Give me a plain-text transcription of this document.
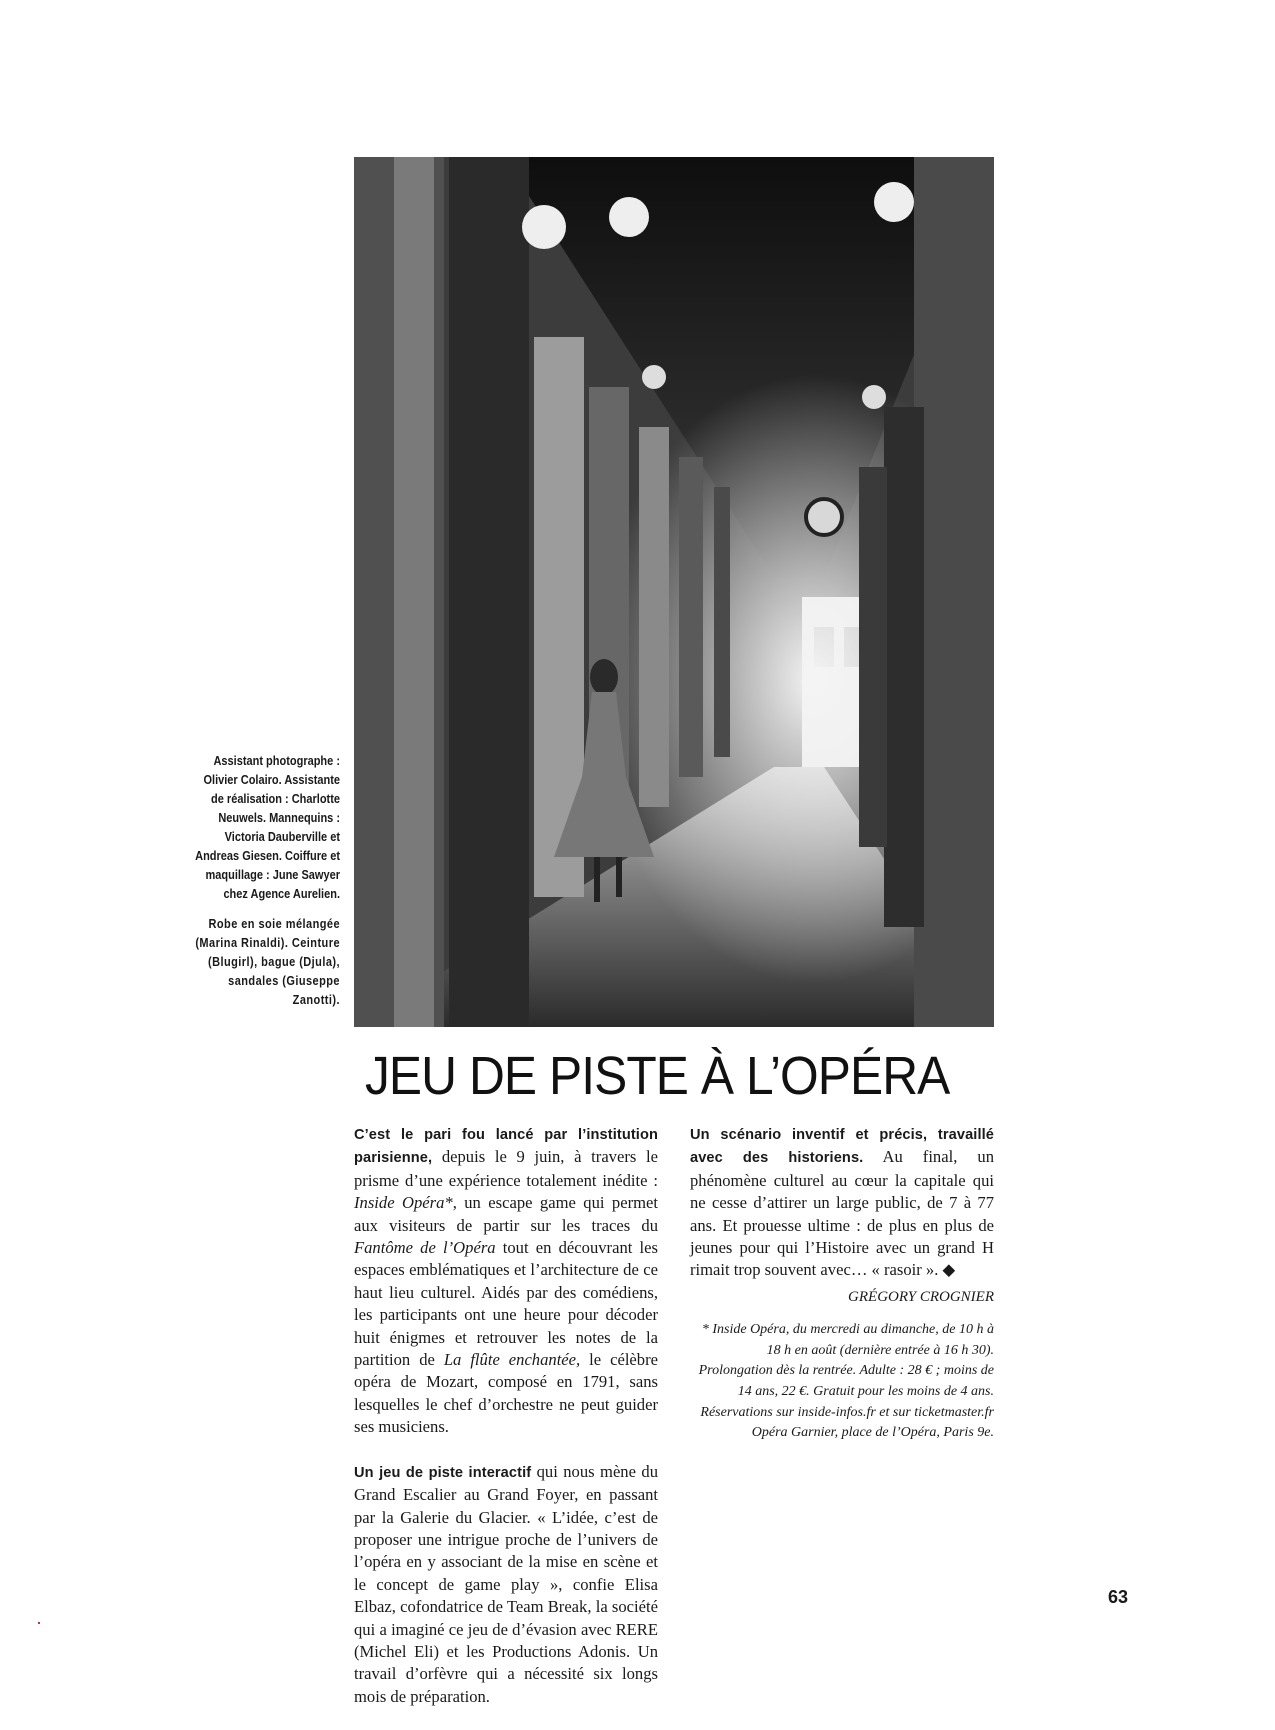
Assistant photographe : Olivier Colairo. Assistante de réalisation : Charlotte Neuwels. Mannequins : Victoria Dauberville et Andreas Giesen. Coiffure et maquillage : June Sawyer chez Agence Aurelien.

Robe en soie mélangée (Marina Rinaldi). Ceinture (Blugirl), bague (Djula), sandales (Giuseppe Zanotti).

JEU DE PISTE À L’OPÉRA

C’est le pari fou lancé par l’institution parisienne, depuis le 9 juin, à travers le prisme d’une expérience totalement inédite : Inside Opéra*, un escape game qui permet aux visiteurs de partir sur les traces du Fantôme de l’Opéra tout en découvrant les espaces emblématiques et l’architecture de ce haut lieu culturel. Aidés par des comédiens, les participants ont une heure pour décoder huit énigmes et retrouver les notes de la partition de La flûte enchantée, le célèbre opéra de Mozart, composé en 1791, sans lesquelles le chef d’orchestre ne peut guider ses musiciens.

Un jeu de piste interactif qui nous mène du Grand Escalier au Grand Foyer, en passant par la Galerie du Glacier. « L’idée, c’est de proposer une intrigue proche de l’univers de l’opéra en y associant de la mise en scène et le concept de game play », confie Elisa Elbaz, cofondatrice de Team Break, la société qui a imaginé ce jeu de d’évasion avec RERE (Michel Eli) et les Productions Adonis. Un travail d’orfèvre qui a nécessité six longs mois de préparation.

Un scénario inventif et précis, travaillé avec des historiens. Au final, un phénomène culturel au cœur la capitale qui ne cesse d’attirer un large public, de 7 à 77 ans. Et prouesse ultime : de plus en plus de jeunes pour qui l’Histoire avec un grand H rimait trop souvent avec… « rasoir ». ◆

GRÉGORY CROGNIER

* Inside Opéra, du mercredi au dimanche, de 10 h à 18 h en août (dernière entrée à 16 h 30). Prolongation dès la rentrée. Adulte : 28 € ; moins de 14 ans, 22 €. Gratuit pour les moins de 4 ans. Réservations sur inside-infos.fr et sur ticketmaster.fr Opéra Garnier, place de l’Opéra, Paris 9e.

63
